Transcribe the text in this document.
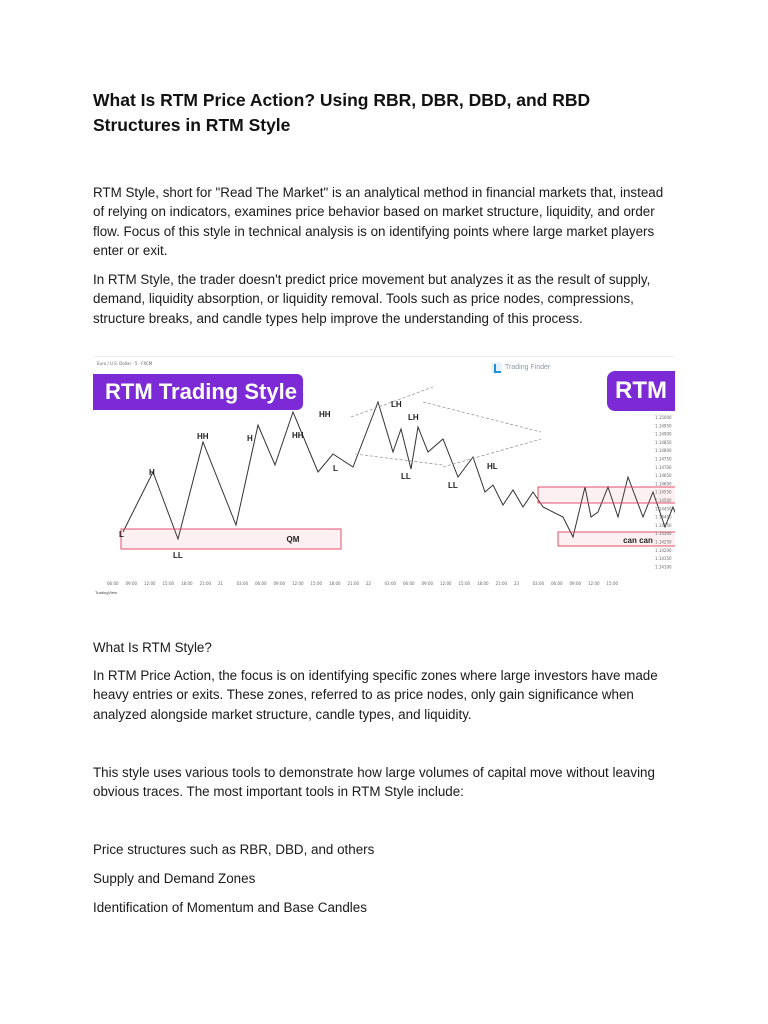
What Is RTM Price Action? Using RBR, DBR, DBD, and RBD Structures in RTM Style

RTM Style, short for "Read The Market" is an analytical method in financial markets that, instead of relying on indicators, examines price behavior based on market structure, liquidity, and order flow. Focus of this style in technical analysis is on identifying points where large market players enter or exit.

In RTM Style, the trader doesn't predict price movement but analyzes it as the result of supply, demand, liquidity absorption, or liquidity removal. Tools such as price nodes, compressions, structure breaks, and candle types help improve the understanding of this process.

Euro / U.S. Dollar · 5 · FXCM	Trading Finder
QM	can can
L
H
LL
HH	H	HH
HH
L
LH
LL
LH
LL
HL
1.15000
1.14950
1.14900
1.14850
1.14800
1.14750
1.14700
1.14650
1.14600
1.14550
1.14500
1.14450
1.14400
1.14350
1.14300
1.14250
1.14200
1.14150
1.14100
06:00 09:00 12:00 15:00 18:00 21:00 21	03:00 06:00 09:00 12:00 15:00 18:00 21:00 22	03:00 06:00 09:00 12:00 15:00 18:00 21:00 23	03:00 06:00 09:00 12:00 15:00
RTM Trading Style	RTM
TradingView

What Is RTM Style?

In RTM Price Action, the focus is on identifying specific zones where large investors have made heavy entries or exits. These zones, referred to as price nodes, only gain significance when analyzed alongside market structure, candle types, and liquidity.

This style uses various tools to demonstrate how large volumes of capital move without leaving obvious traces. The most important tools in RTM Style include:

Price structures such as RBR, DBD, and others

Supply and Demand Zones

Identification of Momentum and Base Candles
